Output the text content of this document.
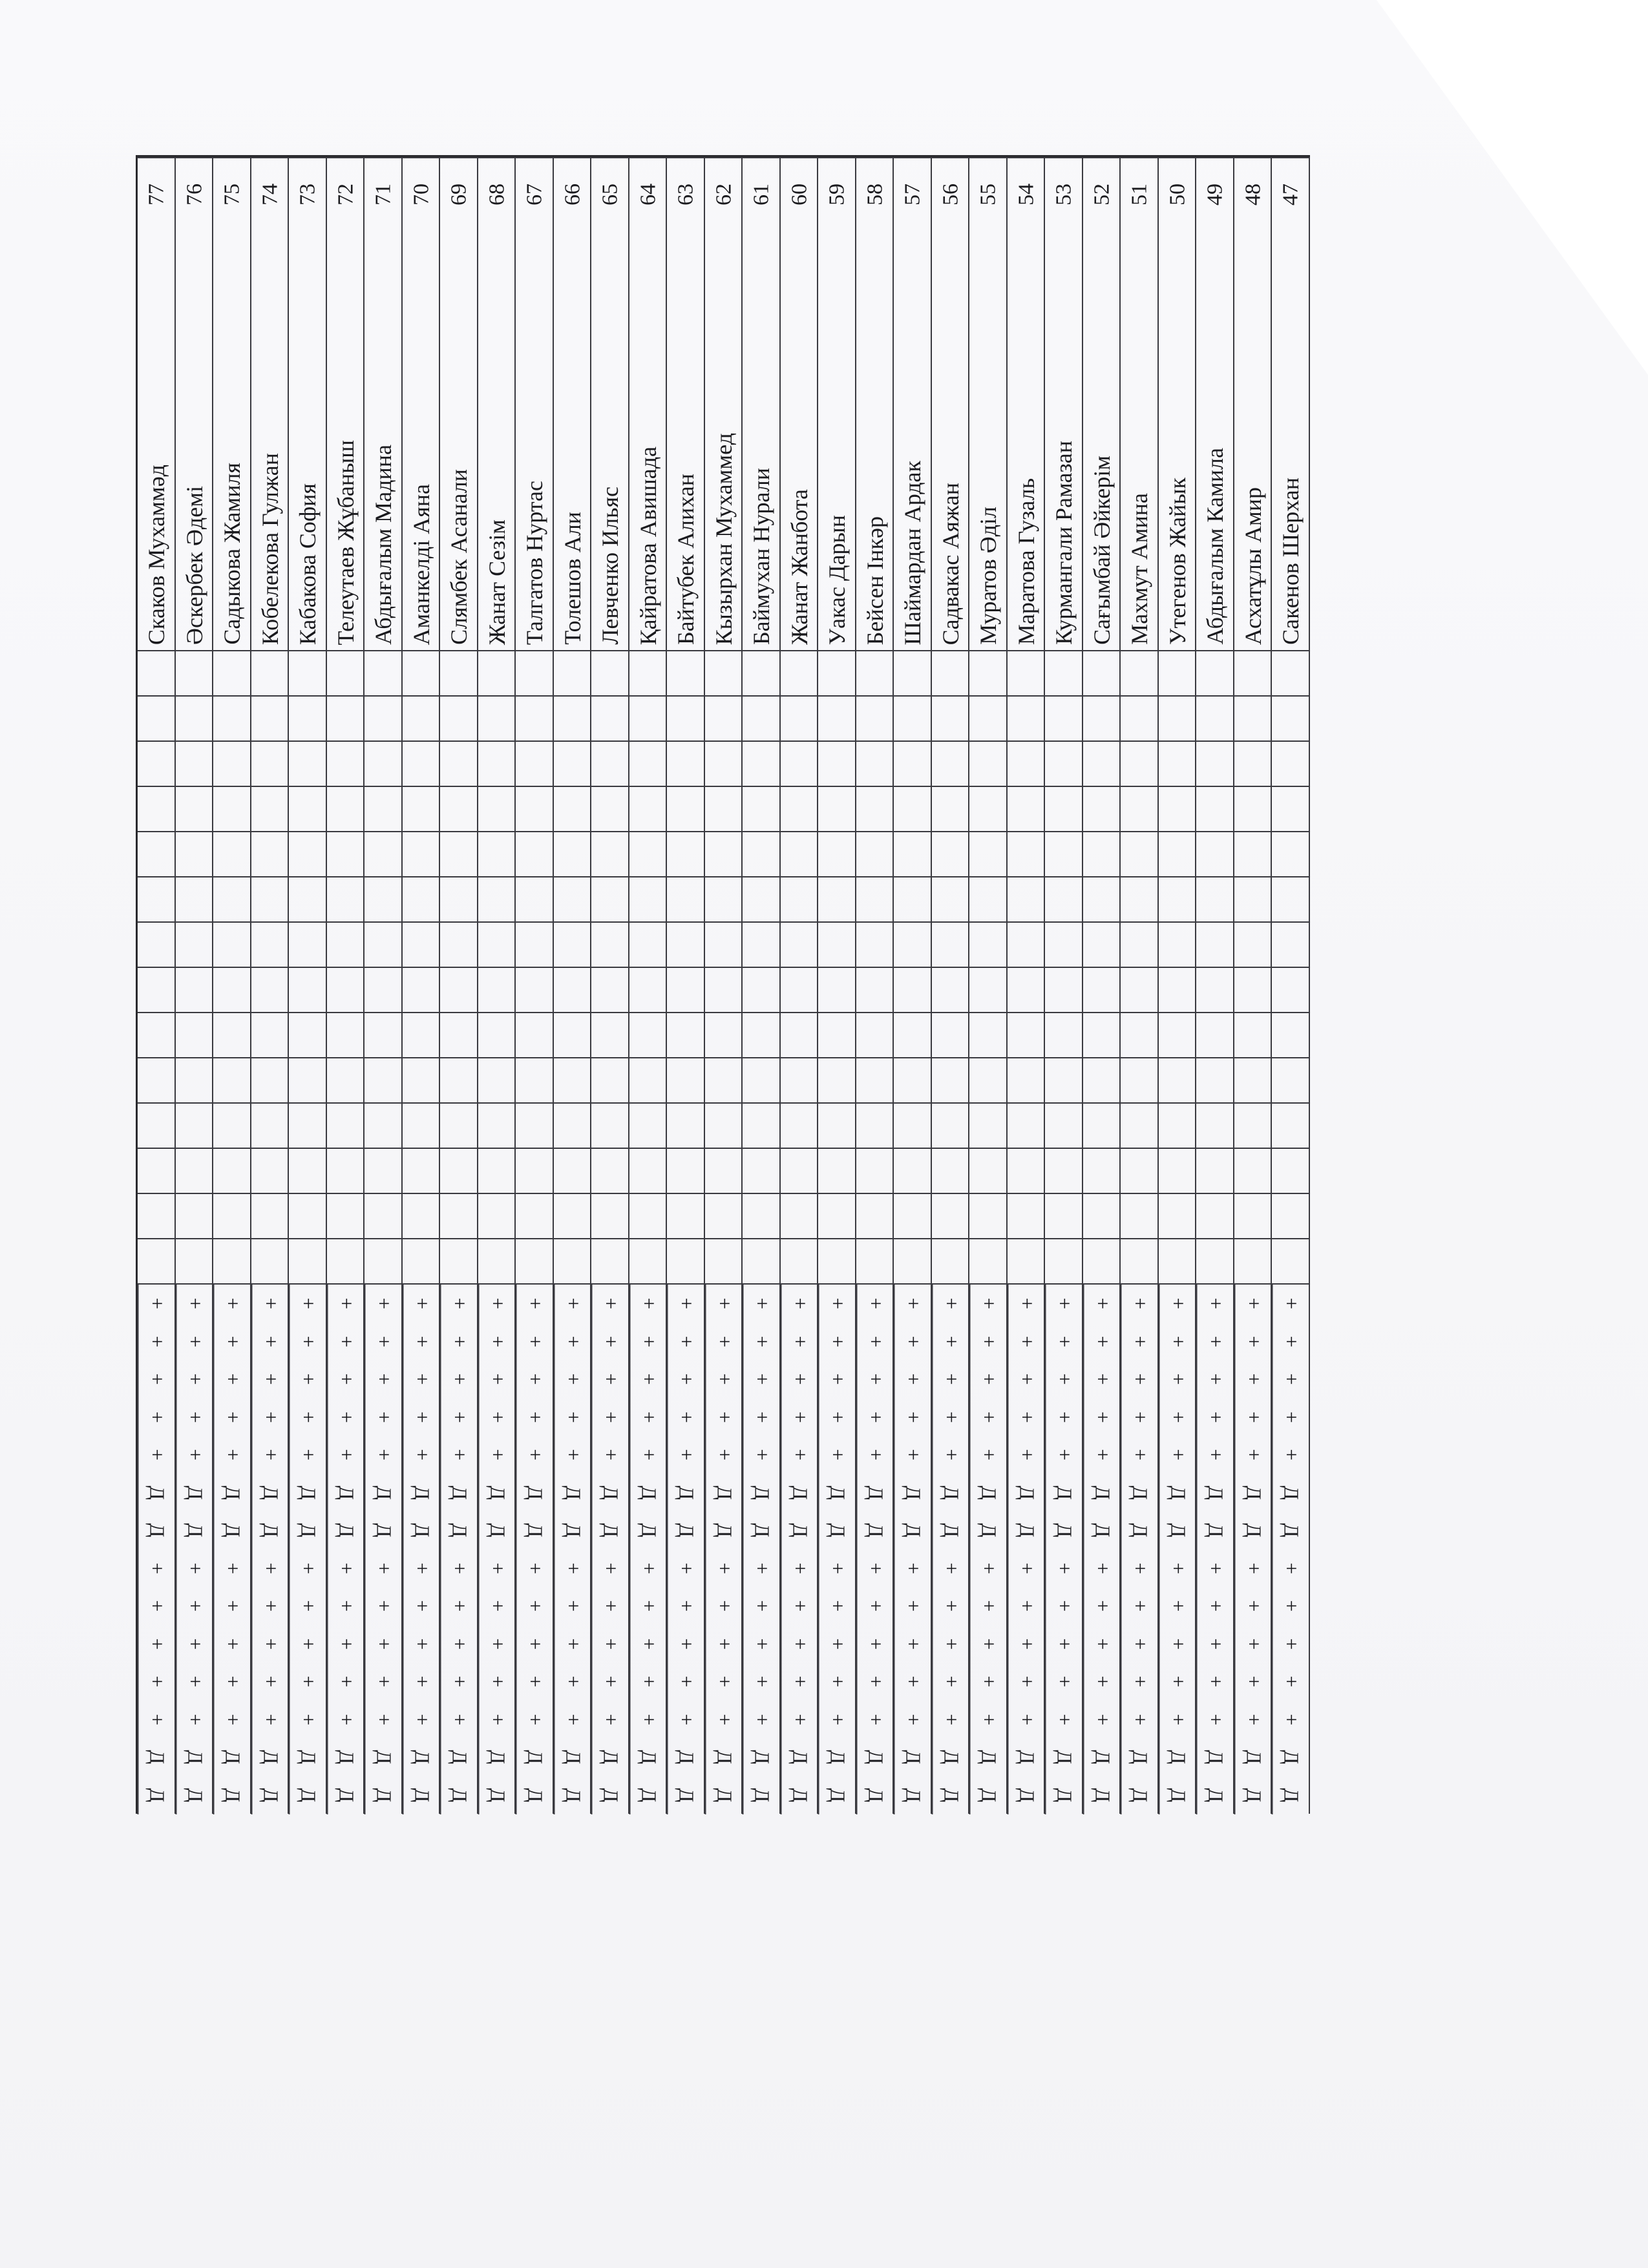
47
Сакенов Шерхан
+
+
+
+
+
Д
Д
+
+
+
+
+
Д
Д
48
Асхатұлы Амир
+
+
+
+
+
Д
Д
+
+
+
+
+
Д
Д
49
Абдығалым Камила
+
+
+
+
+
Д
Д
+
+
+
+
+
Д
Д
50
Утегенов Жайык
+
+
+
+
+
Д
Д
+
+
+
+
+
Д
Д
51
Махмут Амина
+
+
+
+
+
Д
Д
+
+
+
+
+
Д
Д
52
Сағымбай Әйкерім
+
+
+
+
+
Д
Д
+
+
+
+
+
Д
Д
53
Курмангали Рамазан
+
+
+
+
+
Д
Д
+
+
+
+
+
Д
Д
54
Маратова Гузаль
+
+
+
+
+
Д
Д
+
+
+
+
+
Д
Д
55
Муратов Әділ
+
+
+
+
+
Д
Д
+
+
+
+
+
Д
Д
56
Садвакас Аяжан
+
+
+
+
+
Д
Д
+
+
+
+
+
Д
Д
57
Шаймардан Ардак
+
+
+
+
+
Д
Д
+
+
+
+
+
Д
Д
58
Бейсен Інкәр
+
+
+
+
+
Д
Д
+
+
+
+
+
Д
Д
59
Уакас Дарын
+
+
+
+
+
Д
Д
+
+
+
+
+
Д
Д
60
Жанат Жанбота
+
+
+
+
+
Д
Д
+
+
+
+
+
Д
Д
61
Баймухан Нурали
+
+
+
+
+
Д
Д
+
+
+
+
+
Д
Д
62
Кызырхан Мухаммед
+
+
+
+
+
Д
Д
+
+
+
+
+
Д
Д
63
Байтубек Алихан
+
+
+
+
+
Д
Д
+
+
+
+
+
Д
Д
64
Қайратова Авишада
+
+
+
+
+
Д
Д
+
+
+
+
+
Д
Д
65
Левченко Ильяс
+
+
+
+
+
Д
Д
+
+
+
+
+
Д
Д
66
Толешов Али
+
+
+
+
+
Д
Д
+
+
+
+
+
Д
Д
67
Талгатов Нуртас
+
+
+
+
+
Д
Д
+
+
+
+
+
Д
Д
68
Жанат Сезім
+
+
+
+
+
Д
Д
+
+
+
+
+
Д
Д
69
Слямбек Асанали
+
+
+
+
+
Д
Д
+
+
+
+
+
Д
Д
70
Аманкелді Аяна
+
+
+
+
+
Д
Д
+
+
+
+
+
Д
Д
71
Абдығалым Мадина
+
+
+
+
+
Д
Д
+
+
+
+
+
Д
Д
72
Телеутаев Жұбаныш
+
+
+
+
+
Д
Д
+
+
+
+
+
Д
Д
73
Кабакова София
+
+
+
+
+
Д
Д
+
+
+
+
+
Д
Д
74
Кобелекова Гулжан
+
+
+
+
+
Д
Д
+
+
+
+
+
Д
Д
75
Садыкова Жамиля
+
+
+
+
+
Д
Д
+
+
+
+
+
Д
Д
76
Әскербек Әдемі
+
+
+
+
+
Д
Д
+
+
+
+
+
Д
Д
77
Скаков Мухаммәд
+
+
+
+
+
Д
Д
+
+
+
+
+
Д
Д
